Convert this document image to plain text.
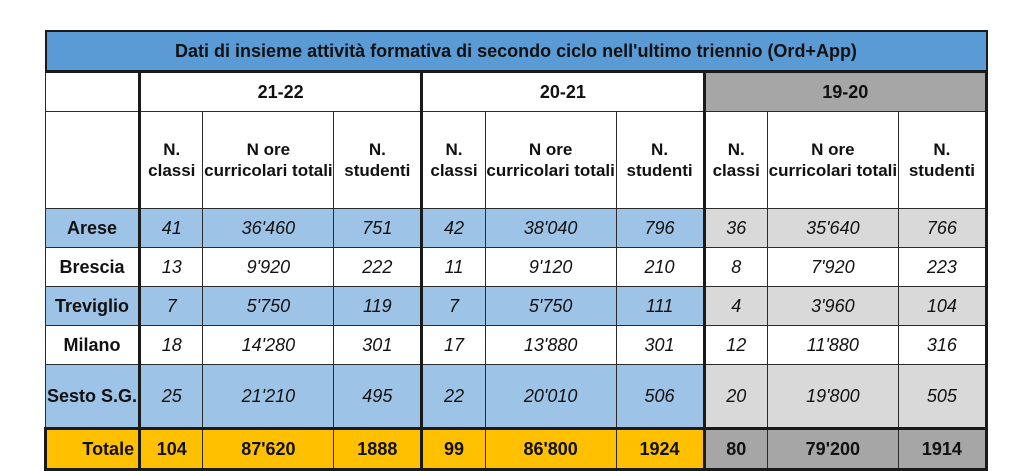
Dati di insieme attività formativa di secondo ciclo nell'ultimo triennio (Ord+App)									
	21-22			20-21			19-20		
	N. classi	N ore curricolari totali	N. studenti	N. classi	N ore curricolari totali	N. studenti	N. classi	N ore curricolari totali	N. studenti
Arese	41	36'460	751	42	38'040	796	36	35'640	766
Brescia	13	9'920	222	11	9'120	210	8	7'920	223
Treviglio	7	5'750	119	7	5'750	111	4	3'960	104
Milano	18	14'280	301	17	13'880	301	12	11'880	316
Sesto S.G.	25	21'210	495	22	20'010	506	20	19'800	505
Totale	104	87'620	1888	99	86'800	1924	80	79'200	1914
